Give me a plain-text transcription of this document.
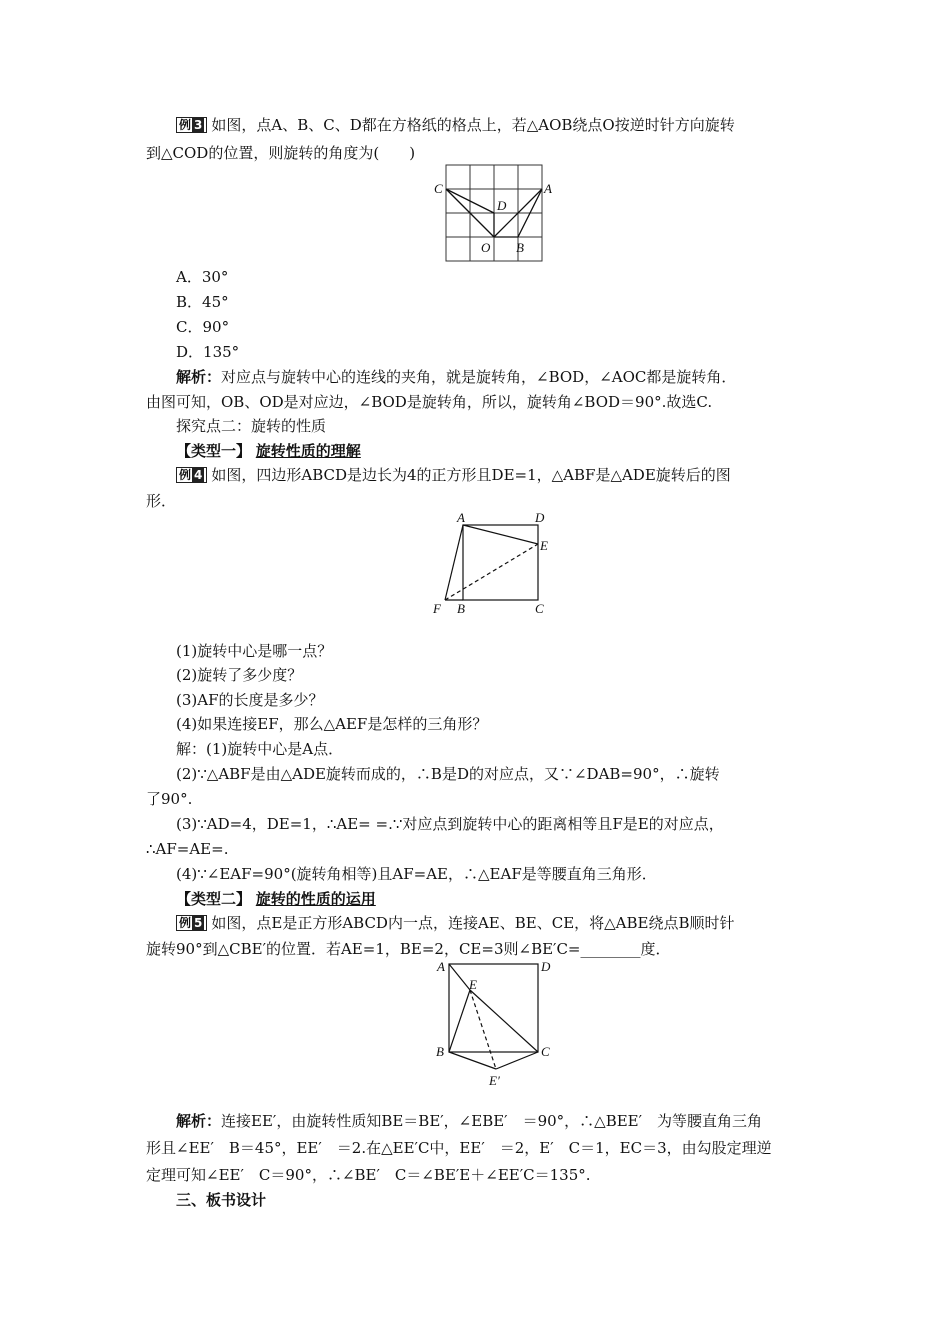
例 3 如图，点A、B、C、D都在方格纸的格点上，若△AOB绕点O按逆时针方向旋转
到△COD的位置，则旋转的角度为(　　)
C	A
D
O B
A．30°
B．45°
C．90°
D．135°
解析：对应点与旋转中心的连线的夹角，就是旋转角，∠BOD，∠AOC都是旋转角．
由图可知，OB、OD是对应边，∠BOD是旋转角，所以，旋转角∠BOD＝90°.故选C.
探究点二：旋转的性质
【类型一】 旋转性质的理解
例 4 如图，四边形ABCD是边长为4的正方形且DE=1，△ABF是△ADE旋转后的图
形．
A	D
E
F B	C
(1)旋转中心是哪一点？
(2)旋转了多少度？
(3)AF的长度是多少？
(4)如果连接EF，那么△AEF是怎样的三角形？
解：(1)旋转中心是A点．
(2)∵△ABF是由△ADE旋转而成的，∴B是D的对应点，又∵∠DAB=90°，∴旋转
了90°.
(3)∵AD=4，DE=1，∴AE= =.∵对应点到旋转中心的距离相等且F是E的对应点，
∴AF=AE=.
(4)∵∠EAF=90°(旋转角相等)且AF=AE，∴△EAF是等腰直角三角形．
【类型二】 旋转的性质的运用
例 5 如图，点E是正方形ABCD内一点，连接AE、BE、CE，将△ABE绕点B顺时针
旋转90°到△CBE′的位置．若AE=1，BE=2，CE=3则∠BE′C=________度．
A	D
E
B	C
E′
解析：连接EE′，由旋转性质知BE＝BE′，∠EBE′　＝90°，∴△BEE′　为等腰直角三角
形且∠EE′　B＝45°，EE′　＝2.在△EE′C中，EE′　＝2，E′　C＝1，EC＝3，由勾股定理逆
定理可知∠EE′　C＝90°，∴∠BE′　C＝∠BE′E＋∠EE′C＝135°.
三、板书设计
